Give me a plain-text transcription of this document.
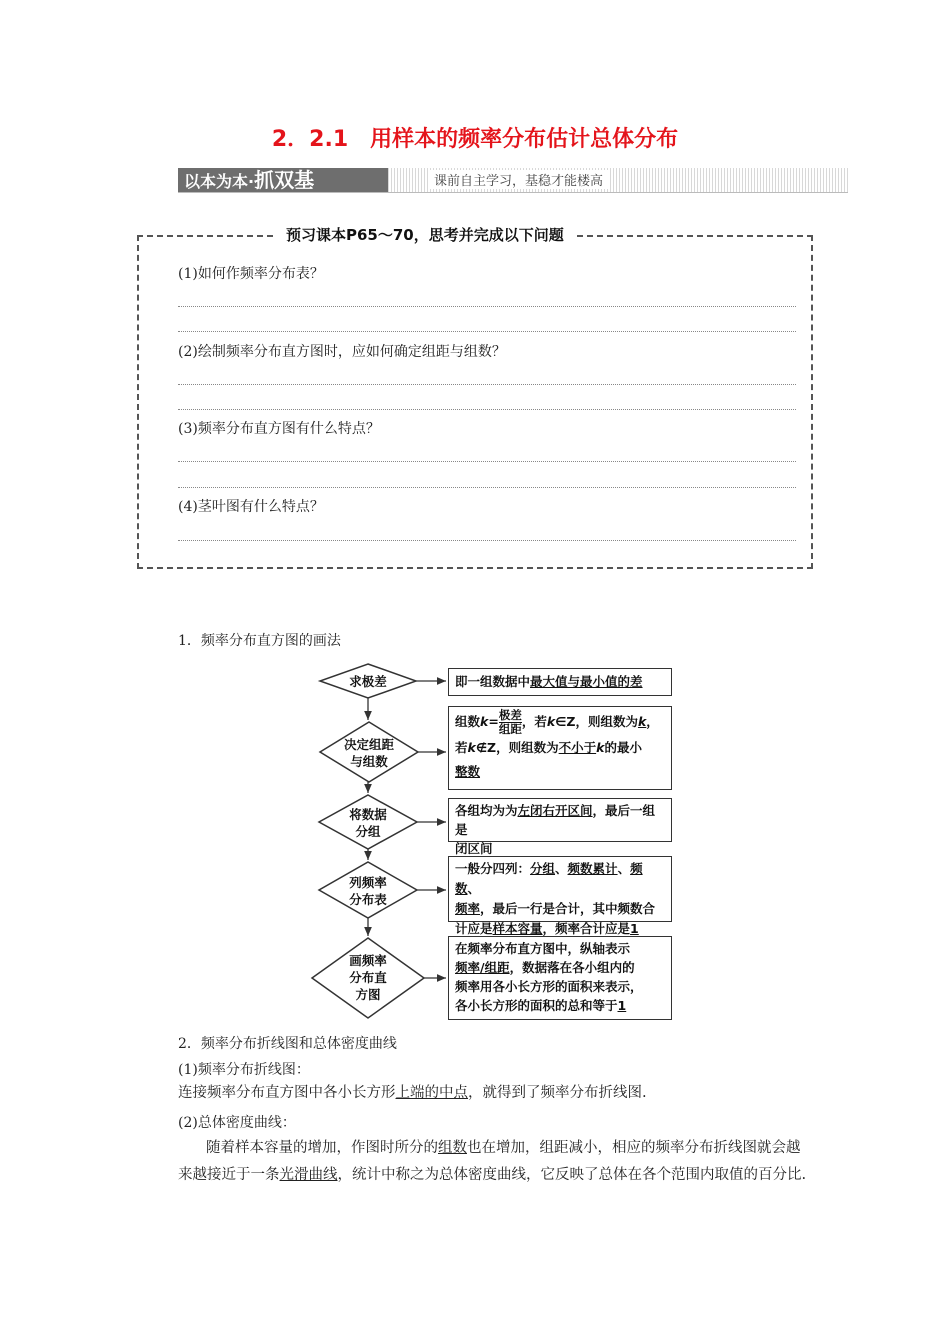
2．2.1　用样本的频率分布估计总体分布
以本为本·抓双基	课前自主学习，基稳才能楼高
预习课本P65～70，思考并完成以下问题
(1)如何作频率分布表？
(2)绘制频率分布直方图时，应如何确定组距与组数？
(3)频率分布直方图有什么特点？
(4)茎叶图有什么特点？
1．频率分布直方图的画法
求极差
决定组距
与组数
将数据
分组
列频率
分布表
画频率
分布直
方图
即一组数据中最大值与最小值的差
组数$k= \frac{\text{极差}}{\text{组距}}$ ，若k∈Z，则组数为k，
若k∉Z，则组数为不小于k的最小
整数
各组均为为左闭右开区间，最后一组是
闭区间
一般分四列：分组、频数累计、频数、
频率，最后一行是合计，其中频数合
计应是样本容量，频率合计应是1
在频率分布直方图中，纵轴表示
频率/组距，数据落在各小组内的
频率用各小长方形的面积来表示，
各小长方形的面积的总和等于1
2．频率分布折线图和总体密度曲线
(1)频率分布折线图：
连接频率分布直方图中各小长方形上端的中点，就得到了频率分布折线图.
(2)总体密度曲线：
随着样本容量的增加，作图时所分的组数也在增加，组距减小，相应的频率分布折线图就会越来越接近于一条光滑曲线，统计中称之为总体密度曲线，它反映了总体在各个范围内取值的百分比.
